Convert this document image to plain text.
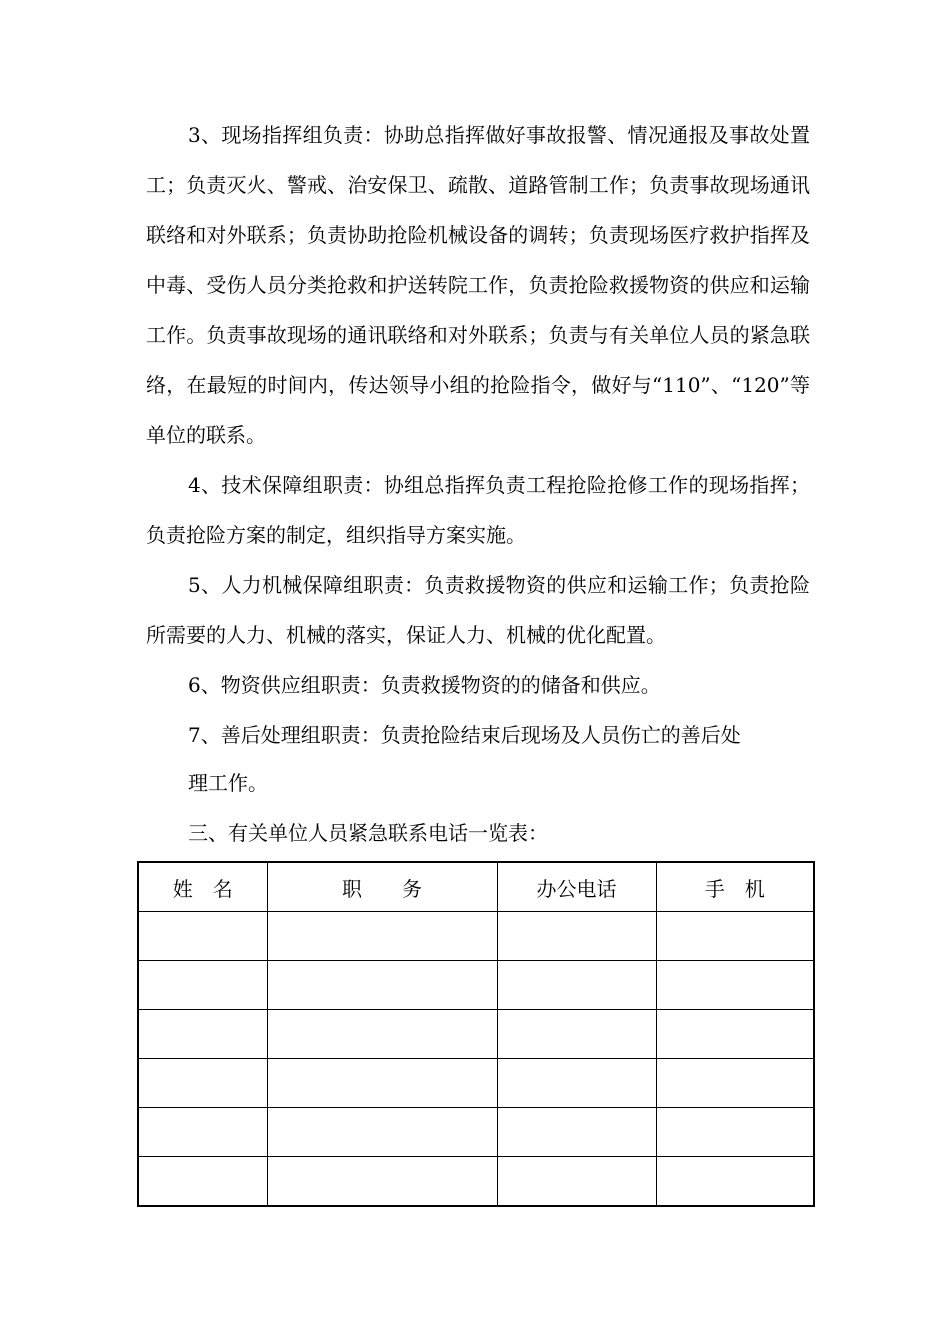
3、现场指挥组负责：协助总指挥做好事故报警、情况通报及事故处置工；负责灭火、警戒、治安保卫、疏散、道路管制工作；负责事故现场通讯联络和对外联系；负责协助抢险机械设备的调转；负责现场医疗救护指挥及中毒、受伤人员分类抢救和护送转院工作，负责抢险救援物资的供应和运输工作。负责事故现场的通讯联络和对外联系；负责与有关单位人员的紧急联络，在最短的时间内，传达领导小组的抢险指令，做好与“110”、“120”等单位的联系。

4、技术保障组职责：协组总指挥负责工程抢险抢修工作的现场指挥；负责抢险方案的制定，组织指导方案实施。

5、人力机械保障组职责：负责救援物资的供应和运输工作；负责抢险所需要的人力、机械的落实，保证人力、机械的优化配置。

6、物资供应组职责：负责救援物资的的储备和供应。

7、善后处理组职责：负责抢险结束后现场及人员伤亡的善后处

理工作。

三、有关单位人员紧急联系电话一览表：

姓　名	职　　务	办公电话	手　机
